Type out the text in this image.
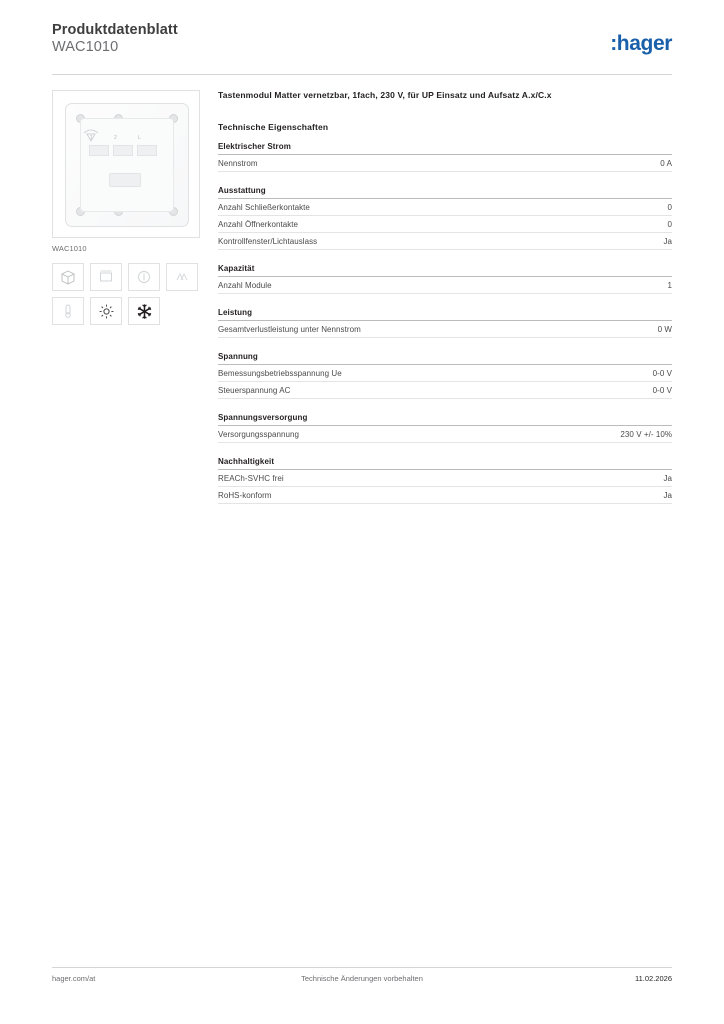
Produktdatenblatt
WAC1010	:hager
1	2	L
WAC1010
Tastenmodul Matter vernetzbar, 1fach, 230 V, für UP Einsatz und Aufsatz A.x/C.x
Technische Eigenschaften
Elektrischer Strom
Nennstrom	0 A
Ausstattung
Anzahl Schließerkontakte	0
Anzahl Öffnerkontakte	0
Kontrollfenster/Lichtauslass	Ja
Kapazität
Anzahl Module	1
Leistung
Gesamtverlustleistung unter Nennstrom	0 W
Spannung
Bemessungsbetriebsspannung Ue	0-0 V
Steuerspannung AC	0-0 V
Spannungsversorgung
Versorgungsspannung	230 V +/- 10%
Nachhaltigkeit
REACh-SVHC frei	Ja
RoHS-konform	Ja
hager.com/at	Technische Änderungen vorbehalten	11.02.2026
